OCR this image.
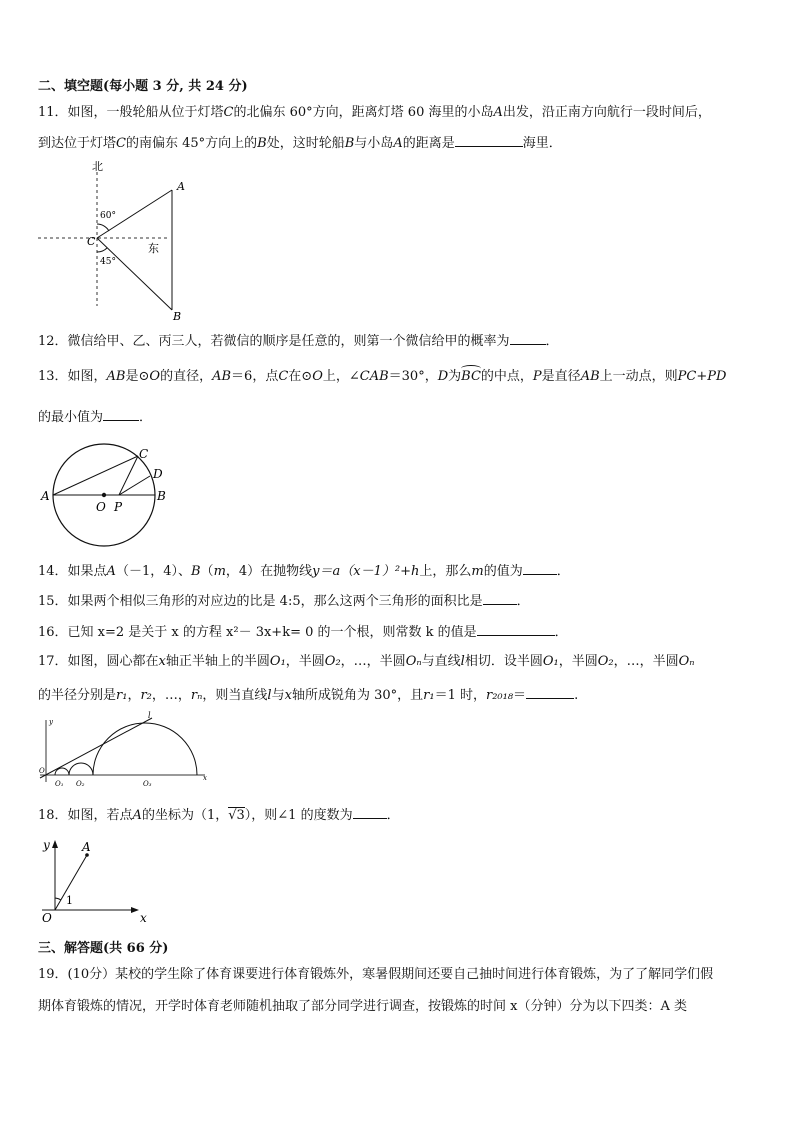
二、填空题(每小题 3 分, 共 24 分)
11．如图，一般轮船从位于灯塔C的北偏东 60°方向，距离灯塔 60 海里的小岛A出发，沿正南方向航行一段时间后，
到达位于灯塔C的南偏东 45°方向上的B处，这时轮船B与小岛A的距离是	海里．
北
东
A
B
C
60°
45°
12．微信给甲、乙、丙三人，若微信的顺序是任意的，则第一个微信给甲的概率为	．
13．如图，AB是⊙O的直径，AB＝6，点C在⊙O上，∠CAB＝30°，D为BC的中点，P是直径AB上一动点，则PC+PD
的最小值为	．
A	B
C
D
O P
14．如果点A（－1，4）、B（m，4）在抛物线y＝a（x－1）²+h上，那么m的值为	．
15．如果两个相似三角形的对应边的比是 4:5，那么这两个三角形的面积比是	．
16．已知 x=2 是关于 x 的方程 x²－ 3x+k= 0 的一个根，则常数 k 的值是	．
17．如图，圆心都在x轴正半轴上的半圆O₁，半圆O₂，…，半圆Oₙ与直线l相切．设半圆O₁，半圆O₂，…，半圆Oₙ
的半径分别是r₁，r₂，…，rₙ，则当直线l与x轴所成锐角为 30°，且r₁＝1 时，r₂₀₁₈＝	.
y
l
O
O₁ O₂	O₃
x
18．如图，若点A的坐标为（1，√3），则∠1 的度数为	．
y	A
O
1
x
三、解答题(共 66 分)
19．(10分）某校的学生除了体育课要进行体育锻炼外，寒暑假期间还要自己抽时间进行体育锻炼，为了了解同学们假
期体育锻炼的情况，开学时体育老师随机抽取了部分同学进行调查，按锻炼的时间 x（分钟）分为以下四类：A 类
